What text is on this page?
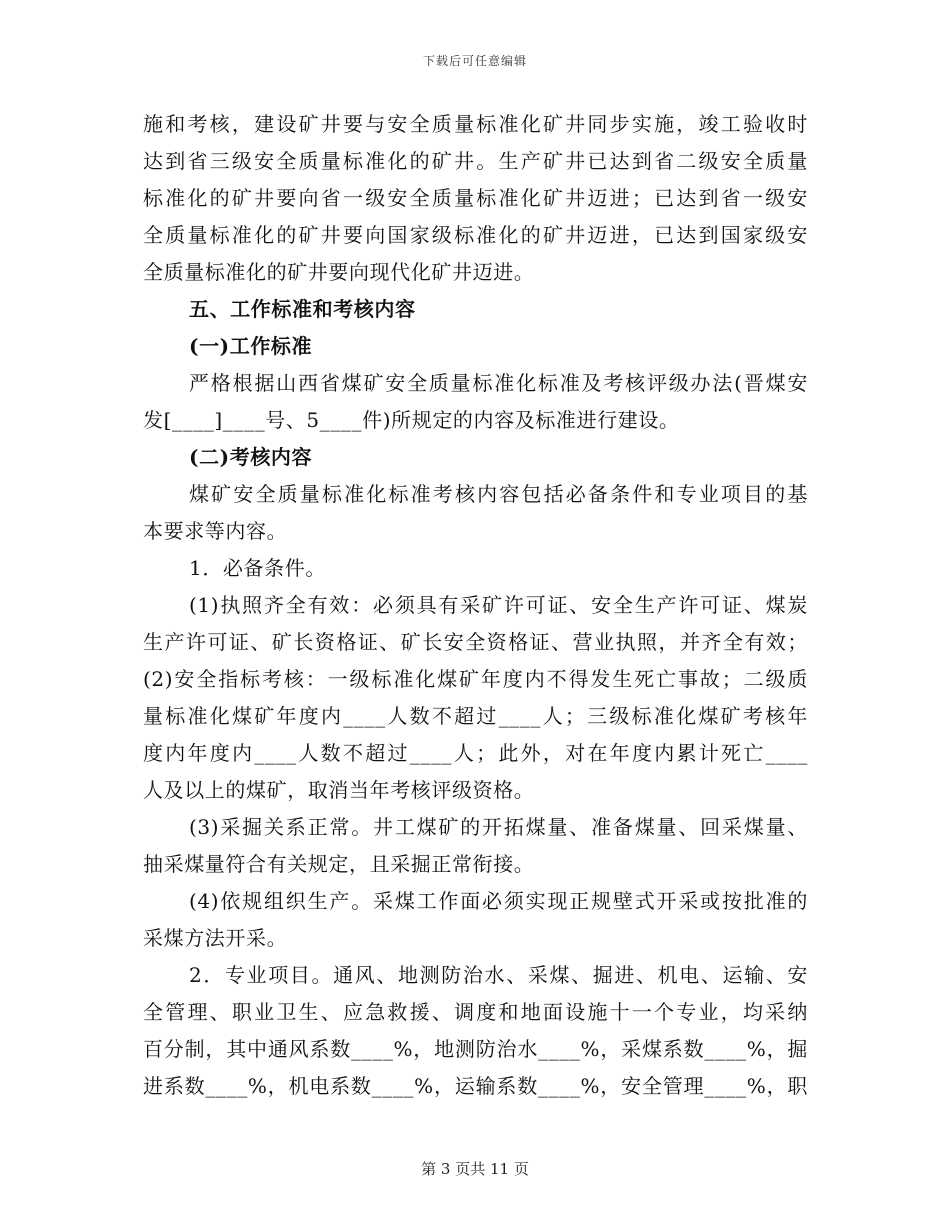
下载后可任意编辑
施和考核，建设矿井要与安全质量标准化矿井同步实施，竣工验收时
达到省三级安全质量标准化的矿井。生产矿井已达到省二级安全质量
标准化的矿井要向省一级安全质量标准化矿井迈进；已达到省一级安
全质量标准化的矿井要向国家级标准化的矿井迈进，已达到国家级安
全质量标准化的矿井要向现代化矿井迈进。
五、工作标准和考核内容
(一)工作标准
严格根据山西省煤矿安全质量标准化标准及考核评级办法(晋煤安
发[____]____号、5____件)所规定的内容及标准进行建设。
(二)考核内容
煤矿安全质量标准化标准考核内容包括必备条件和专业项目的基
本要求等内容。
1．必备条件。
(1)执照齐全有效：必须具有采矿许可证、安全生产许可证、煤炭
生产许可证、矿长资格证、矿长安全资格证、营业执照，并齐全有效；
(2)安全指标考核：一级标准化煤矿年度内不得发生死亡事故；二级质
量标准化煤矿年度内____人数不超过____人；三级标准化煤矿考核年
度内年度内____人数不超过____人；此外，对在年度内累计死亡____
人及以上的煤矿，取消当年考核评级资格。
(3)采掘关系正常。井工煤矿的开拓煤量、准备煤量、回采煤量、
抽采煤量符合有关规定，且采掘正常衔接。
(4)依规组织生产。采煤工作面必须实现正规壁式开采或按批准的
采煤方法开采。
2．专业项目。通风、地测防治水、采煤、掘进、机电、运输、安
全管理、职业卫生、应急救援、调度和地面设施十一个专业，均采纳
百分制，其中通风系数____%，地测防治水____%，采煤系数____%，掘
进系数____%，机电系数____%，运输系数____%，安全管理____%，职
第 3 页共 11 页
